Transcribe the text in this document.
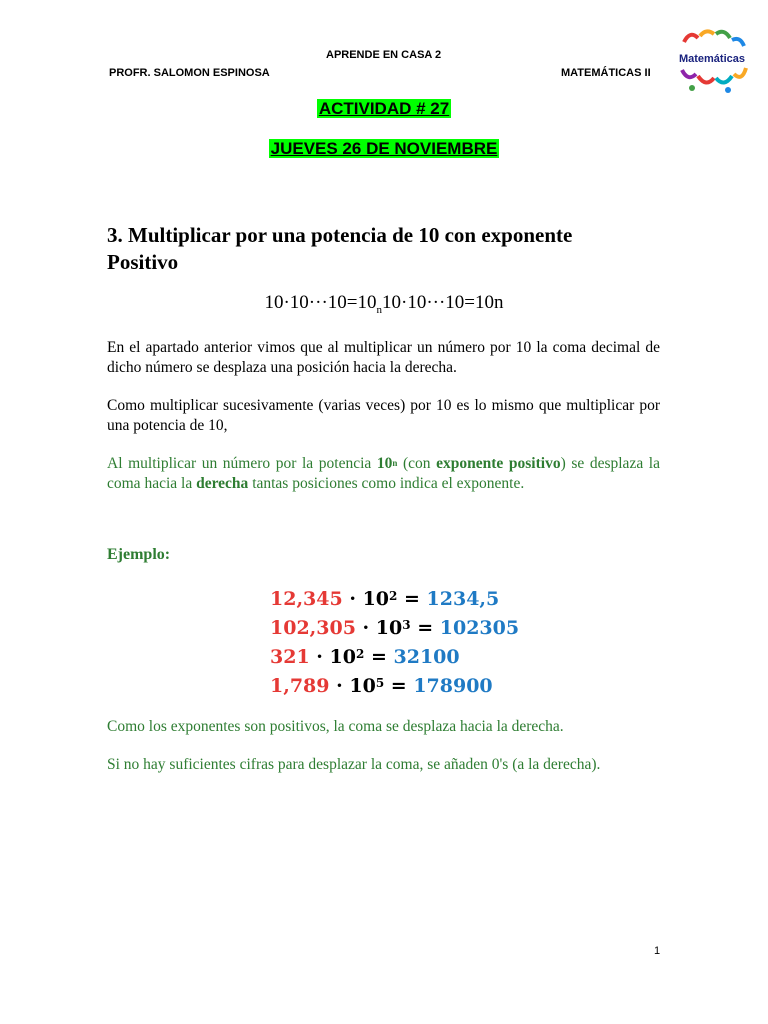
APRENDE EN CASA 2
PROFR. SALOMON ESPINOSA	MATEMÁTICAS II
Matemáticas
ACTIVIDAD # 27
JUEVES 26 DE NOVIEMBRE
3. Multiplicar por una potencia de 10 con exponente
Positivo
$10\cdot 10\cdot\cdot\cdot 10=10_n10\cdot 10\cdot\cdot\cdot 10=10n$
En el apartado anterior vimos que al multiplicar un número por 10 la coma decimal de dicho número se desplaza una posición hacia la derecha.
Como multiplicar sucesivamente (varias veces) por 10 es lo mismo que multiplicar por una potencia de 10,
Al multiplicar un número por la potencia 10$^n$ (con exponente positivo) se desplaza la coma hacia la derecha tantas posiciones como indica el exponente.
Ejemplo:
$12,345 \cdot 10^2 = 1234,5$
$102,305 \cdot 10^3 = 102305$
$321 \cdot 10^2 = 32100$
$1,789 \cdot 10^5 = 178900$
Como los exponentes son positivos, la coma se desplaza hacia la derecha.
Si no hay suficientes cifras para desplazar la coma, se añaden 0's (a la derecha).
1
